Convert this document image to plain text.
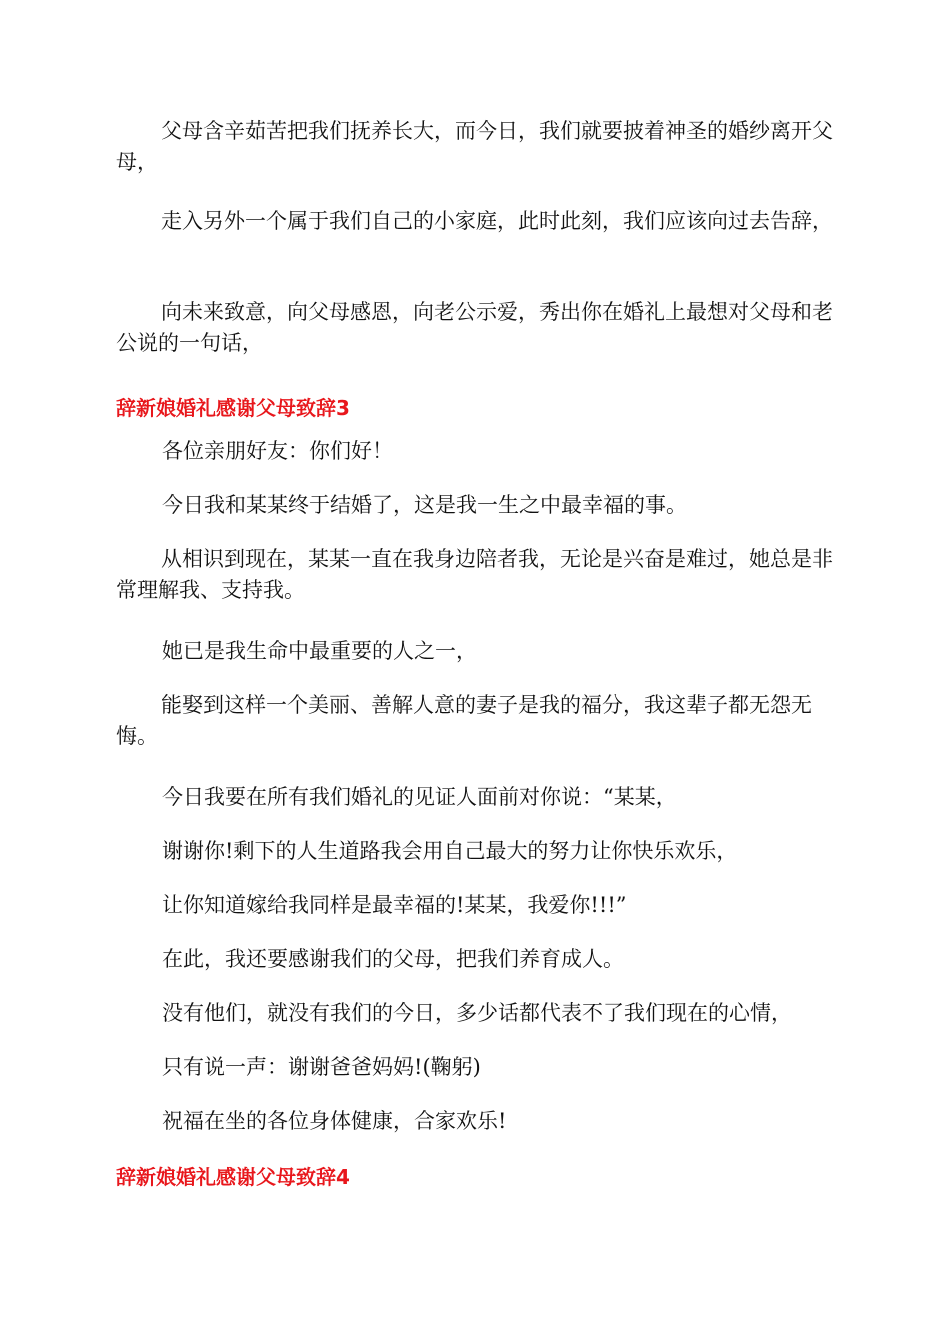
父母含辛茹苦把我们抚养长大，而今日，我们就要披着神圣的婚纱离开父母，

走入另外一个属于我们自己的小家庭，此时此刻，我们应该向过去告辞，

向未来致意，向父母感恩，向老公示爱，秀出你在婚礼上最想对父母和老公说的一句话，

辞新娘婚礼感谢父母致辞3
各位亲朋好友：你们好！
今日我和某某终于结婚了，这是我一生之中最幸福的事。

从相识到现在，某某一直在我身边陪者我，无论是兴奋是难过，她总是非常理解我、支持我。

她已是我生命中最重要的人之一，

能娶到这样一个美丽、善解人意的妻子是我的福分，我这辈子都无怨无悔。

今日我要在所有我们婚礼的见证人面前对你说：“某某，
谢谢你!剩下的人生道路我会用自己最大的努力让你快乐欢乐，
让你知道嫁给我同样是最幸福的!某某，我爱你!!!”
在此，我还要感谢我们的父母，把我们养育成人。
没有他们，就没有我们的今日，多少话都代表不了我们现在的心情，
只有说一声：谢谢爸爸妈妈!(鞠躬)
祝福在坐的各位身体健康，合家欢乐!
辞新娘婚礼感谢父母致辞4
